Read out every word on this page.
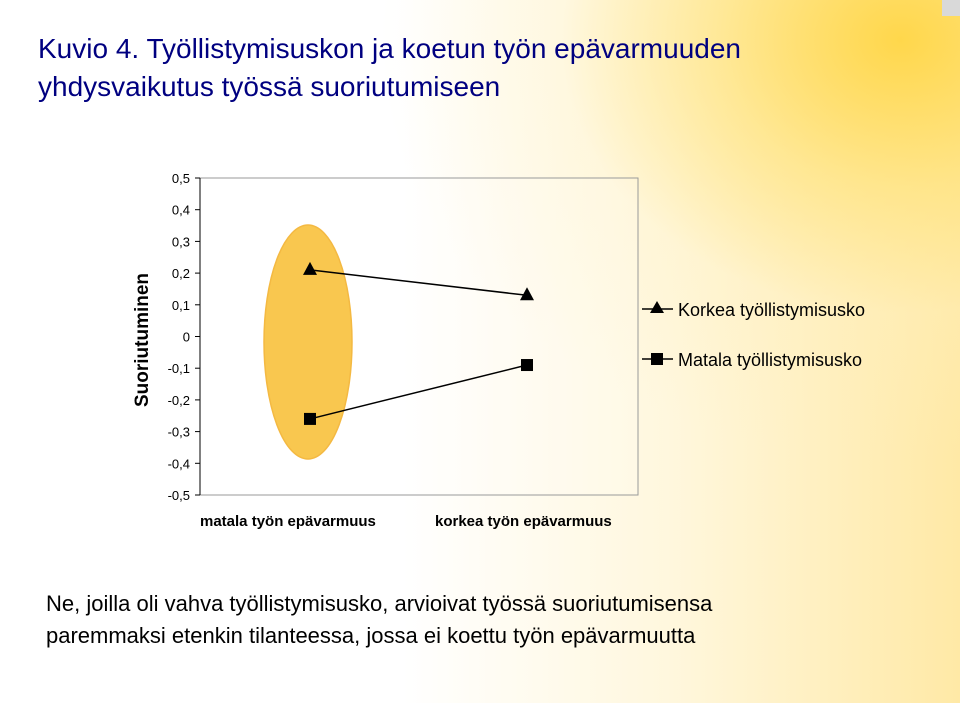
Kuvio 4. Työllistymisuskon ja koetun työn epävarmuuden
yhdysvaikutus työssä suoriutumiseen
0,5
0,4
0,3
0,2
0,1
0
-0,1
-0,2
-0,3
-0,4
-0,5
matala työn epävarmuus	korkea työn epävarmuus
Korkea työllistymisusko
Matala työllistymisusko
Suoriutuminen
Ne, joilla oli vahva työllistymisusko, arvioivat työssä suoriutumisensa
paremmaksi etenkin tilanteessa, jossa ei koettu työn epävarmuutta
